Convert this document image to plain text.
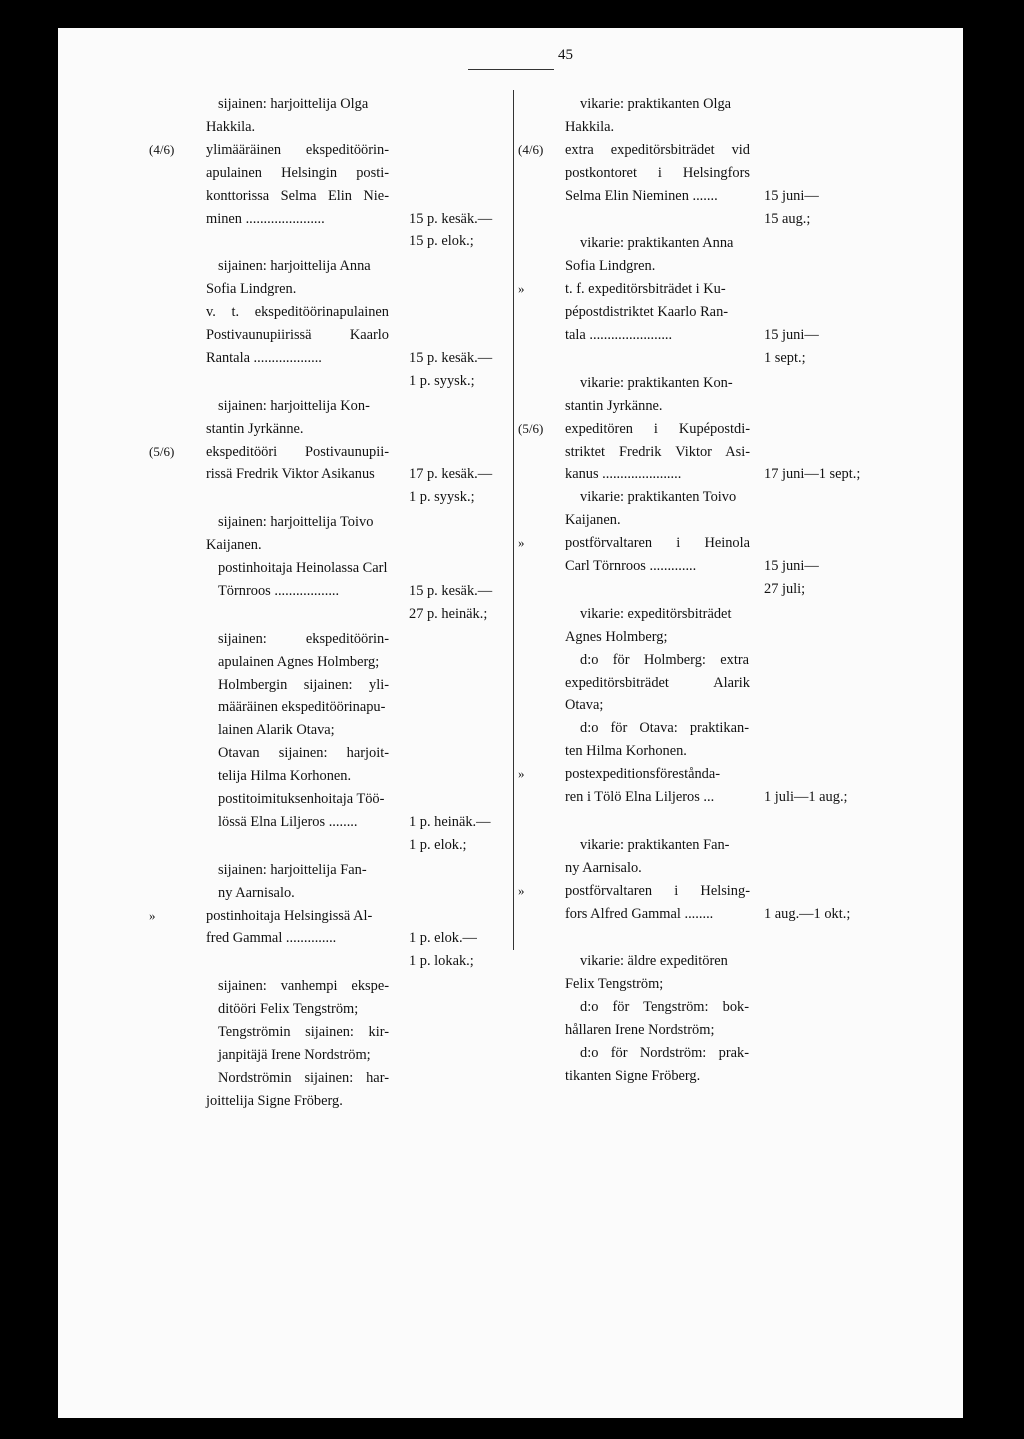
45
sijainen: harjoittelija Olga
Hakkila.
(4/6) ylimääräinen ekspeditöörin-
apulainen Helsingin posti-
konttorissa Selma Elin Nie-
minen ......................	15 p. kesäk.—
15 p. elok.;
sijainen: harjoittelija Anna
Sofia Lindgren.
v. t. ekspeditöörinapulainen
Postivaunupiirissä Kaarlo
Rantala ...................	15 p. kesäk.—
1 p. syysk.;
sijainen: harjoittelija Kon-
stantin Jyrkänne.
(5/6) ekspeditööri Postivaunupii-
rissä Fredrik Viktor Asikanus 17 p. kesäk.—
1 p. syysk.;
sijainen: harjoittelija Toivo
Kaijanen.
postinhoitaja Heinolassa Carl
Törnroos ..................	15 p. kesäk.—
27 p. heinäk.;
sijainen: ekspeditöörin-
apulainen Agnes Holmberg;
Holmbergin sijainen: yli-
määräinen ekspeditöörinapu-
lainen Alarik Otava;
Otavan sijainen: harjoit-
telija Hilma Korhonen.
postitoimituksenhoitaja Töö-
lössä Elna Liljeros ........	1 p. heinäk.—
1 p. elok.;
sijainen: harjoittelija Fan-
ny Aarnisalo.
»	postinhoitaja Helsingissä Al-
fred Gammal ..............	1 p. elok.—
1 p. lokak.;
sijainen: vanhempi ekspe-
ditööri Felix Tengström;
Tengströmin sijainen: kir-
janpitäjä Irene Nordström;
Nordströmin sijainen: har-
joittelija Signe Fröberg.
vikarie: praktikanten Olga
Hakkila.
(4/6) extra expeditörsbiträdet vid
postkontoret i Helsingfors
Selma Elin Nieminen .......	15 juni—
15 aug.;
vikarie: praktikanten Anna
Sofia Lindgren.
»	t. f. expeditörsbiträdet i Ku-
pépostdistriktet Kaarlo Ran-
tala .......................	15 juni—
1 sept.;
vikarie: praktikanten Kon-
stantin Jyrkänne.
(5/6) expeditören i Kupépostdi-
striktet Fredrik Viktor Asi-
kanus ......................	17 juni—1 sept.;
vikarie: praktikanten Toivo
Kaijanen.
»	postförvaltaren i Heinola
Carl Törnroos .............	15 juni—
27 juli;
vikarie: expeditörsbiträdet
Agnes Holmberg;
d:o för Holmberg: extra
expeditörsbiträdet Alarik
Otava;
d:o för Otava: praktikan-
ten Hilma Korhonen.
»	postexpeditionsförestånda-
ren i Tölö Elna Liljeros ...	1 juli—1 aug.;
vikarie: praktikanten Fan-
ny Aarnisalo.
»	postförvaltaren i Helsing-
fors Alfred Gammal ........	1 aug.—1 okt.;
vikarie: äldre expeditören
Felix Tengström;
d:o för Tengström: bok-
hållaren Irene Nordström;
d:o för Nordström: prak-
tikanten Signe Fröberg.
